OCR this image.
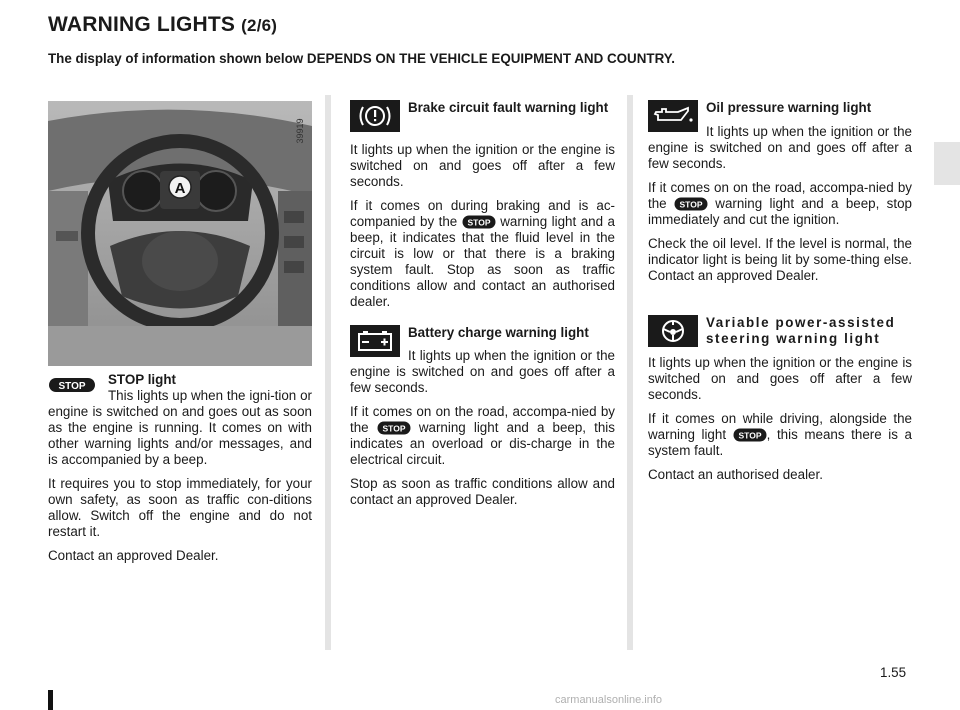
WARNING LIGHTS (2/6)
The display of information shown below DEPENDS ON THE VEHICLE EQUIPMENT AND COUNTRY.
A
39919
STOP	STOP light
This lights up when the igni-tion or engine is switched on and goes out as soon as the engine is running. It comes on with other warning lights and/or messages, and is accompanied by a beep.

It requires you to stop immediately, for your own safety, as soon as traffic con-ditions allow. Switch off the engine and do not restart it.

Contact an approved Dealer.

Brake circuit fault warning light

It lights up when the ignition or the engine is switched on and goes off after a few seconds.

If it comes on during braking and is ac-companied by the STOP warning light and a beep, it indicates that the fluid level in the circuit is low or that there is a braking system fault. Stop as soon as traffic conditions allow and contact an authorised dealer.

Battery charge warning light

It lights up when the ignition or the engine is switched on and goes off after a few seconds.

If it comes on on the road, accompa-nied by the STOP warning light and a beep, this indicates an overload or dis-charge in the electrical circuit.

Stop as soon as traffic conditions allow and contact an approved Dealer.

Oil pressure warning light

It lights up when the ignition or the engine is switched on and goes off after a few seconds.

If it comes on on the road, accompa-nied by the STOP warning light and a beep, stop immediately and cut the ignition.

Check the oil level. If the level is normal, the indicator light is being lit by some-thing else. Contact an approved Dealer.

Variable power-assisted steering warning light

It lights up when the ignition or the engine is switched on and goes off after a few seconds.

If it comes on while driving, alongside the warning light STOP , this means there is a system fault.

Contact an authorised dealer.

1.55
carmanualsonline.info
